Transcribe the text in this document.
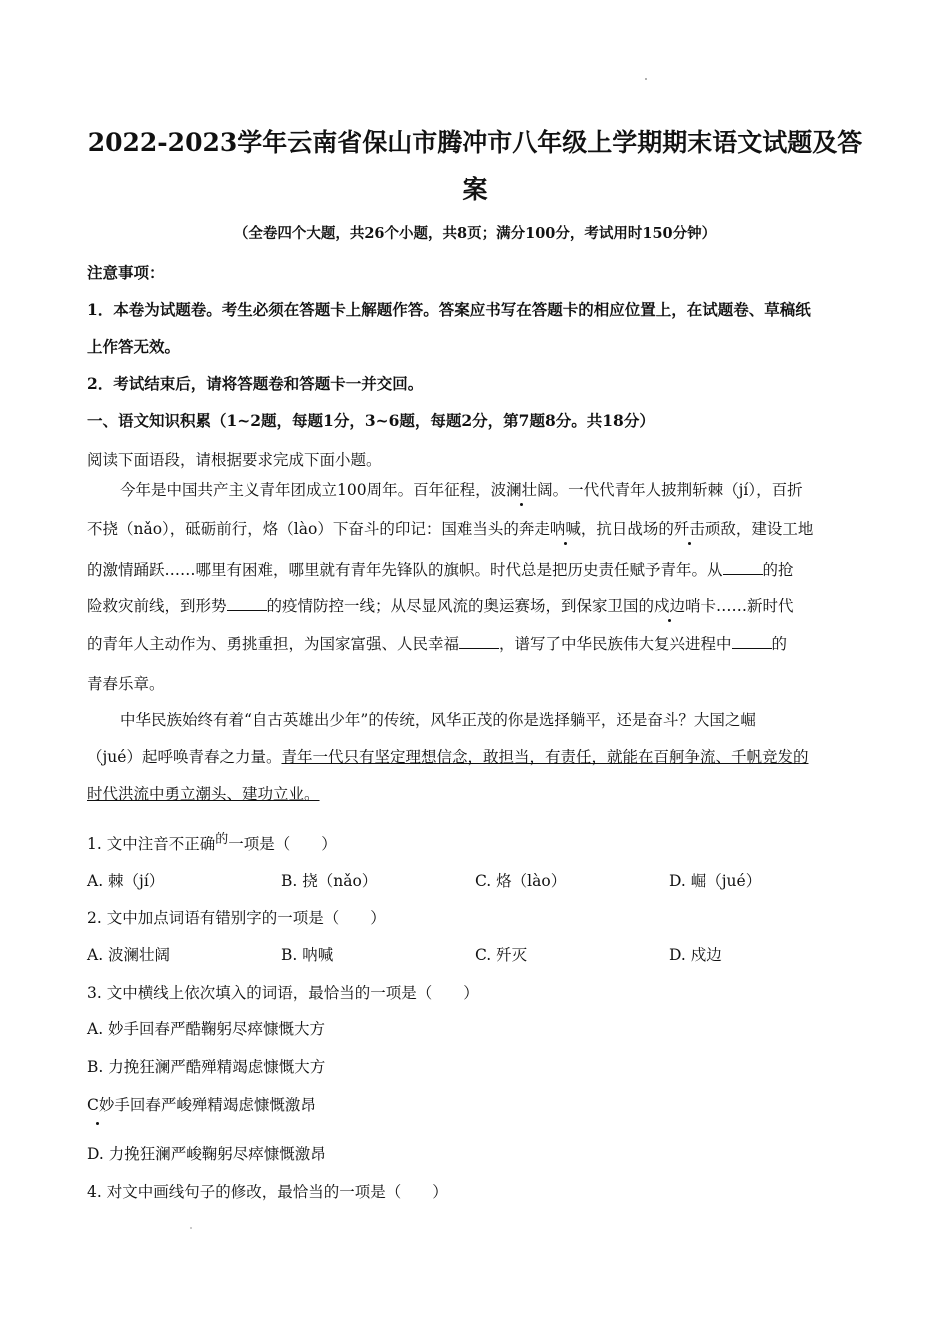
2022-2023学年云南省保山市腾冲市八年级上学期期末语文试题及答
案
（全卷四个大题，共26个小题，共8页；满分100分，考试用时150分钟）
注意事项：
1．本卷为试题卷。考生必须在答题卡上解题作答。答案应书写在答题卡的相应位置上，在试题卷、草稿纸
上作答无效。
2．考试结束后，请将答题卷和答题卡一并交回。
一、语文知识积累（1~2题，每题1分，3~6题，每题2分，第7题8分。共18分）
阅读下面语段，请根据要求完成下面小题。
今年是中国共产主义青年团成立100周年。百年征程，波澜壮阔。一代代青年人披荆斩棘（jí），百折
不挠（nǎo），砥砺前行，烙（lào）下奋斗的印记：国难当头的奔走呐喊，抗日战场的歼击顽敌，建设工地
的激情踊跃……哪里有困难，哪里就有青年先锋队的旗帜。时代总是把历史责任赋予青年。从	的抢
险救灾前线，到形势	的疫情防控一线；从尽显风流的奥运赛场，到保家卫国的戍边哨卡……新时代
的青年人主动作为、勇挑重担，为国家富强、人民幸福	，谱写了中华民族伟大复兴进程中	的
青春乐章。
中华民族始终有着“自古英雄出少年”的传统，风华正茂的你是选择躺平，还是奋斗？大国之崛
（jué）起呼唤青春之力量。青年一代只有坚定理想信念，敢担当，有责任，就能在百舸争流、千帆竞发的
时代洪流中勇立潮头、建功立业。
1. 文中注音不正确$^的$一项是（　　）
A. 棘（jí）	B. 挠（nǎo）	C. 烙（lào）	D. 崛（jué）
2. 文中加点词语有错别字的一项是（　　）
A. 波澜壮阔	B. 呐喊	C. 歼灭	D. 戍边
3. 文中横线上依次填入的词语，最恰当的一项是（　　）
A. 妙手回春严酷鞠躬尽瘁慷慨大方
B. 力挽狂澜严酷殚精竭虑慷慨大方
C妙手回春严峻殚精竭虑慷慨激昂
D. 力挽狂澜严峻鞠躬尽瘁慷慨激昂
4. 对文中画线句子的修改，最恰当的一项是（　　）
